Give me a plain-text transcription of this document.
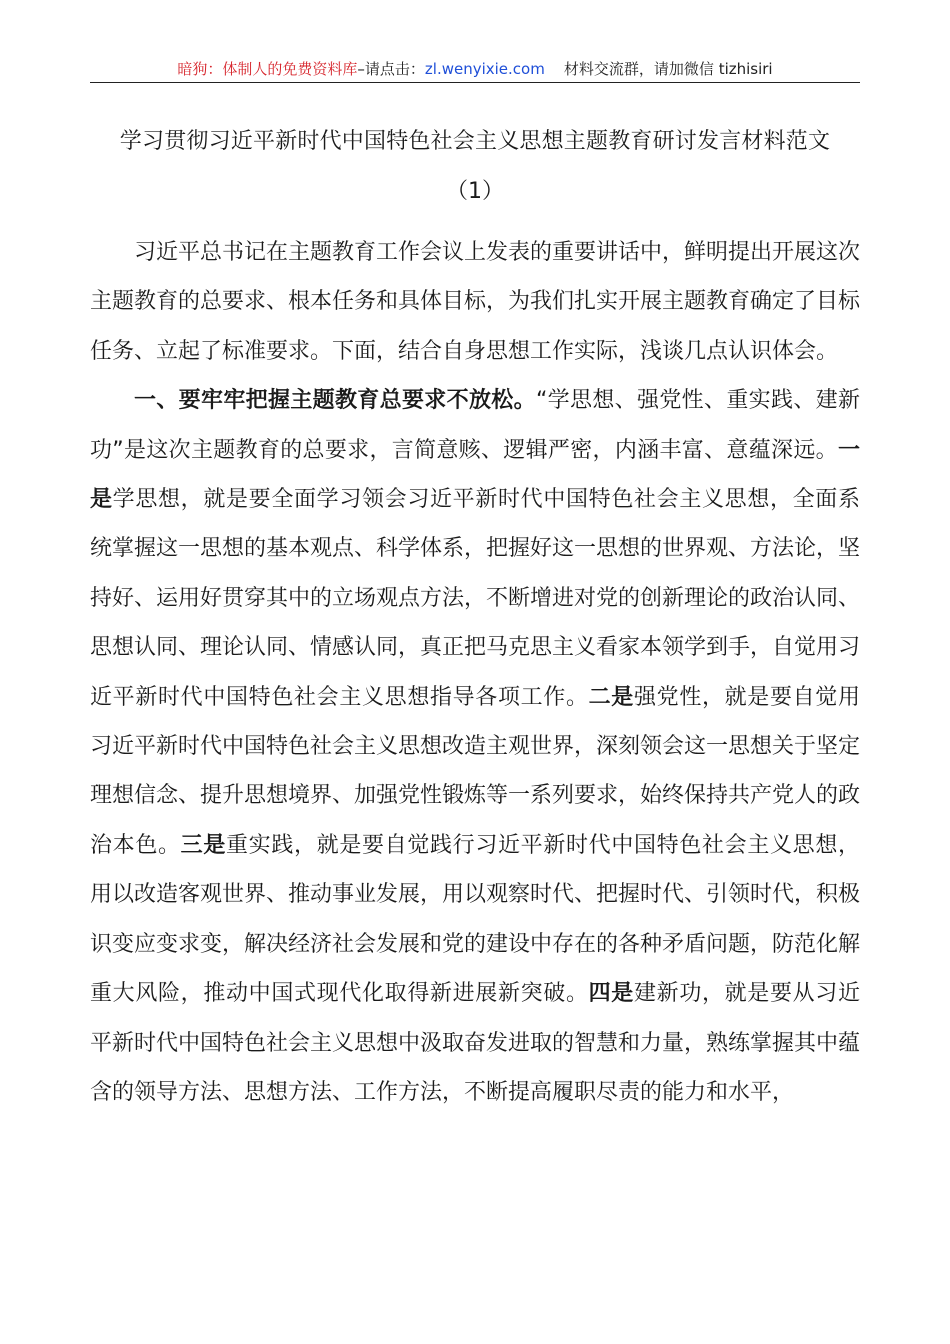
暗狗：体制人的免费资料库–请点击：zl.wenyixie.com 材料交流群，请加微信 tizhisiri
学习贯彻习近平新时代中国特色社会主义思想主题教育研讨发言材料范文
（1）

习近平总书记在主题教育工作会议上发表的重要讲话中，鲜明提出开展这次主题教育的总要求、根本任务和具体目标，为我们扎实开展主题教育确定了目标任务、立起了标准要求。下面，结合自身思想工作实际，浅谈几点认识体会。

一、要牢牢把握主题教育总要求不放松。“学思想、强党性、重实践、建新功”是这次主题教育的总要求，言简意赅、逻辑严密，内涵丰富、意蕴深远。一是学思想，就是要全面学习领会习近平新时代中国特色社会主义思想，全面系统掌握这一思想的基本观点、科学体系，把握好这一思想的世界观、方法论，坚持好、运用好贯穿其中的立场观点方法，不断增进对党的创新理论的政治认同、思想认同、理论认同、情感认同，真正把马克思主义看家本领学到手，自觉用习近平新时代中国特色社会主义思想指导各项工作。二是强党性，就是要自觉用习近平新时代中国特色社会主义思想改造主观世界，深刻领会这一思想关于坚定理想信念、提升思想境界、加强党性锻炼等一系列要求，始终保持共产党人的政治本色。三是重实践，就是要自觉践行习近平新时代中国特色社会主义思想，用以改造客观世界、推动事业发展，用以观察时代、把握时代、引领时代，积极识变应变求变，解决经济社会发展和党的建设中存在的各种矛盾问题，防范化解重大风险，推动中国式现代化取得新进展新突破。四是建新功，就是要从习近平新时代中国特色社会主义思想中汲取奋发进取的智慧和力量，熟练掌握其中蕴含的领导方法、思想方法、工作方法，不断提高履职尽责的能力和水平，
